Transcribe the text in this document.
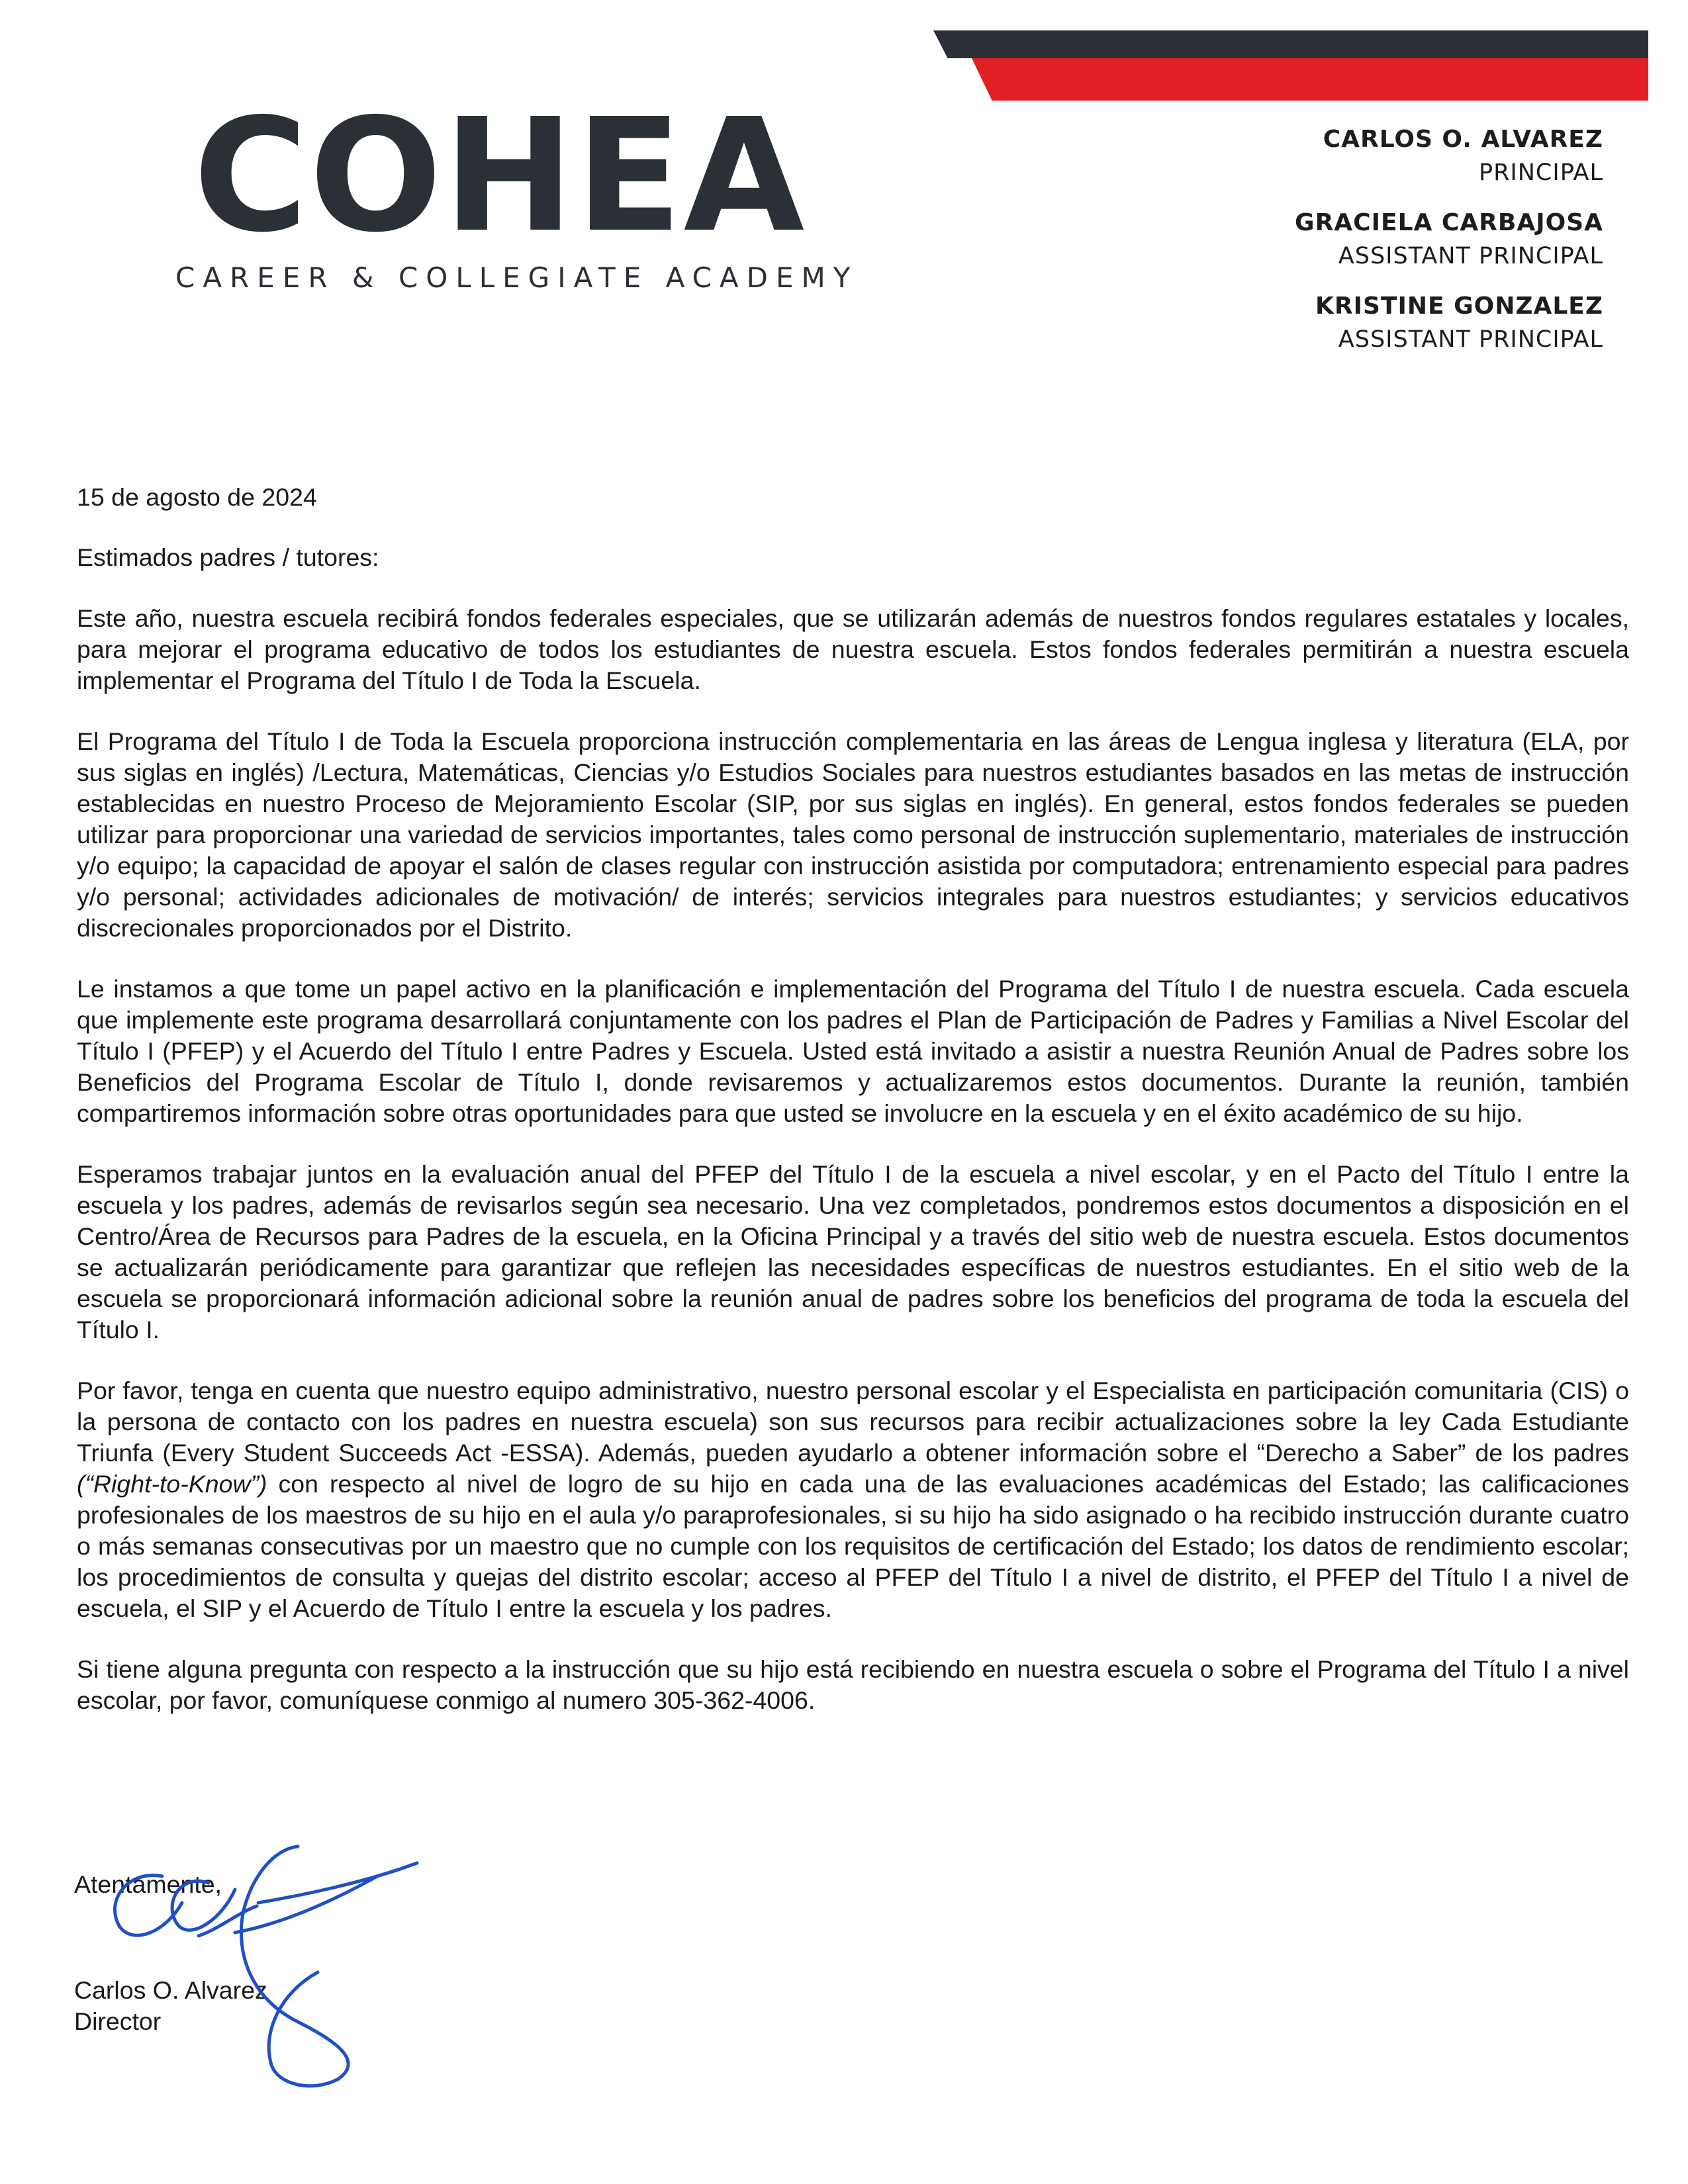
COHEA
CAREER & COLLEGIATE ACADEMY
CARLOS O. ALVAREZ
PRINCIPAL
GRACIELA CARBAJOSA
ASSISTANT PRINCIPAL
KRISTINE GONZALEZ
ASSISTANT PRINCIPAL

15 de agosto de 2024

Estimados padres / tutores:

Este año, nuestra escuela recibirá fondos federales especiales, que se utilizarán además de nuestros fondos regulares estatales y locales, para mejorar el programa educativo de todos los estudiantes de nuestra escuela. Estos fondos federales permitirán a nuestra escuela implementar el Programa del Título I de Toda la Escuela.

El Programa del Título I de Toda la Escuela proporciona instrucción complementaria en las áreas de Lengua inglesa y literatura (ELA, por sus siglas en inglés) /Lectura, Matemáticas, Ciencias y/o Estudios Sociales para nuestros estudiantes basados en las metas de instrucción establecidas en nuestro Proceso de Mejoramiento Escolar (SIP, por sus siglas en inglés). En general, estos fondos federales se pueden utilizar para proporcionar una variedad de servicios importantes, tales como personal de instrucción suplementario, materiales de instrucción y/o equipo; la capacidad de apoyar el salón de clases regular con instrucción asistida por computadora; entrenamiento especial para padres y/o personal; actividades adicionales de motivación/ de interés; servicios integrales para nuestros estudiantes; y servicios educativos discrecionales proporcionados por el Distrito.

Le instamos a que tome un papel activo en la planificación e implementación del Programa del Título I de nuestra escuela. Cada escuela que implemente este programa desarrollará conjuntamente con los padres el Plan de Participación de Padres y Familias a Nivel Escolar del Título I (PFEP) y el Acuerdo del Título I entre Padres y Escuela. Usted está invitado a asistir a nuestra Reunión Anual de Padres sobre los Beneficios del Programa Escolar de Título I, donde revisaremos y actualizaremos estos documentos. Durante la reunión, también compartiremos información sobre otras oportunidades para que usted se involucre en la escuela y en el éxito académico de su hijo.

Esperamos trabajar juntos en la evaluación anual del PFEP del Título I de la escuela a nivel escolar, y en el Pacto del Título I entre la escuela y los padres, además de revisarlos según sea necesario. Una vez completados, pondremos estos documentos a disposición en el Centro/Área de Recursos para Padres de la escuela, en la Oficina Principal y a través del sitio web de nuestra escuela. Estos documentos se actualizarán periódicamente para garantizar que reflejen las necesidades específicas de nuestros estudiantes. En el sitio web de la escuela se proporcionará información adicional sobre la reunión anual de padres sobre los beneficios del programa de toda la escuela del Título I.

Por favor, tenga en cuenta que nuestro equipo administrativo, nuestro personal escolar y el Especialista en participación comunitaria (CIS) o la persona de contacto con los padres en nuestra escuela) son sus recursos para recibir actualizaciones sobre la ley Cada Estudiante Triunfa (Every Student Succeeds Act -ESSA). Además, pueden ayudarlo a obtener información sobre el “Derecho a Saber” de los padres (“Right-to-Know”) con respecto al nivel de logro de su hijo en cada una de las evaluaciones académicas del Estado; las calificaciones profesionales de los maestros de su hijo en el aula y/o paraprofesionales, si su hijo ha sido asignado o ha recibido instrucción durante cuatro o más semanas consecutivas por un maestro que no cumple con los requisitos de certificación del Estado; los datos de rendimiento escolar; los procedimientos de consulta y quejas del distrito escolar; acceso al PFEP del Título I a nivel de distrito, el PFEP del Título I a nivel de escuela, el SIP y el Acuerdo de Título I entre la escuela y los padres.

Si tiene alguna pregunta con respecto a la instrucción que su hijo está recibiendo en nuestra escuela o sobre el Programa del Título I a nivel escolar, por favor, comuníquese conmigo al numero 305-362-4006.

Atentamente,
Carlos O. Alvarez
Director
